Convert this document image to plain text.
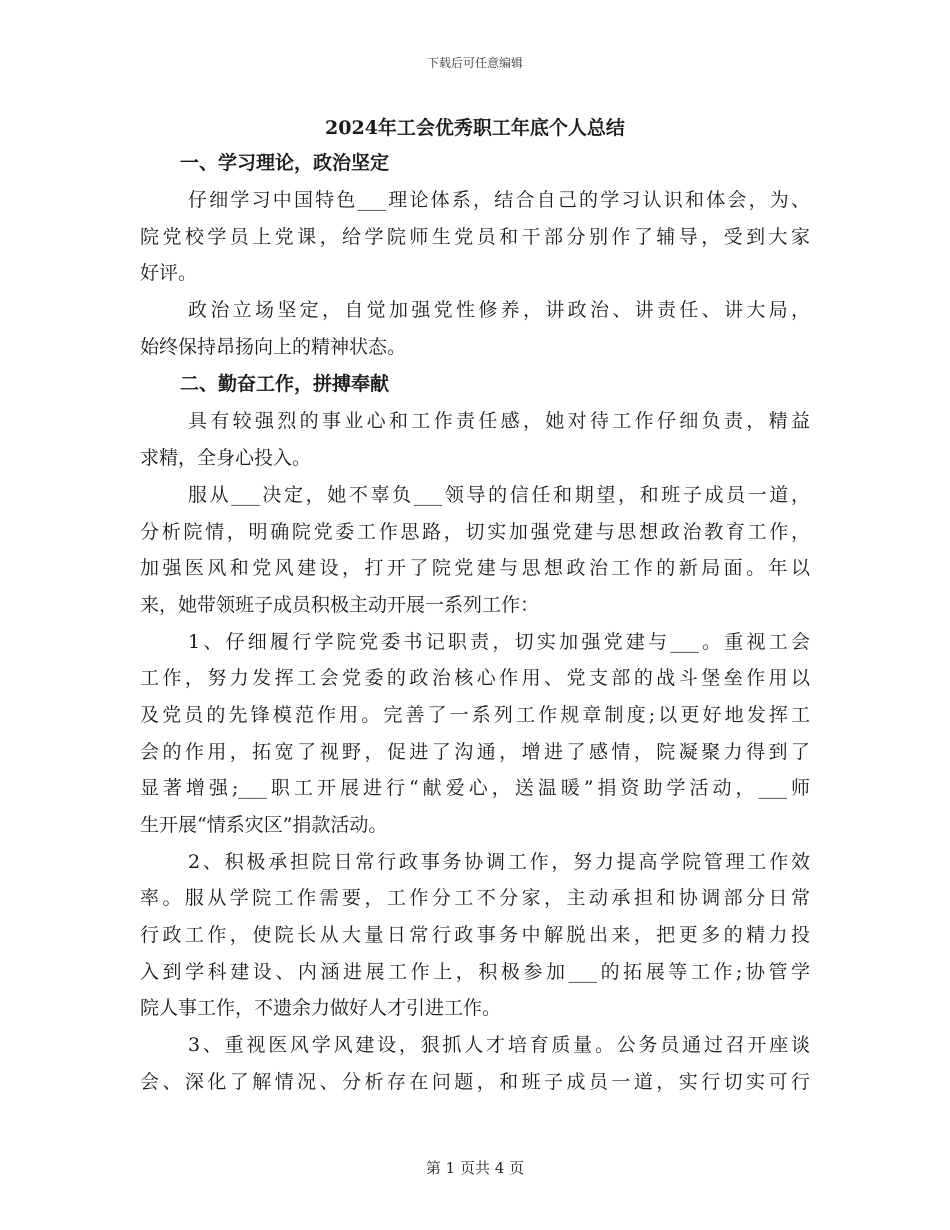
下载后可任意编辑
2024年工会优秀职工年底个人总结
一、学习理论，政治坚定
仔细学习中国特色___理论体系，结合自己的学习认识和体会，为、
院党校学员上党课，给学院师生党员和干部分别作了辅导，受到大家
好评。
政治立场坚定，自觉加强党性修养，讲政治、讲责任、讲大局，
始终保持昂扬向上的精神状态。
二、勤奋工作，拼搏奉献
具有较强烈的事业心和工作责任感，她对待工作仔细负责，精益
求精，全身心投入。
服从___决定，她不辜负___领导的信任和期望，和班子成员一道，
分析院情，明确院党委工作思路，切实加强党建与思想政治教育工作，
加强医风和党风建设，打开了院党建与思想政治工作的新局面。年以
来，她带领班子成员积极主动开展一系列工作：
1、仔细履行学院党委书记职责，切实加强党建与___。重视工会
工作，努力发挥工会党委的政治核心作用、党支部的战斗堡垒作用以
及党员的先锋模范作用。完善了一系列工作规章制度;以更好地发挥工
会的作用，拓宽了视野，促进了沟通，增进了感情，院凝聚力得到了
显著增强;___职工开展进行“献爱心，送温暖”捐资助学活动，___师
生开展“情系灾区”捐款活动。
2、积极承担院日常行政事务协调工作，努力提高学院管理工作效
率。服从学院工作需要，工作分工不分家，主动承担和协调部分日常
行政工作，使院长从大量日常行政事务中解脱出来，把更多的精力投
入到学科建设、内涵进展工作上，积极参加___的拓展等工作;协管学
院人事工作，不遗余力做好人才引进工作。
3、重视医风学风建设，狠抓人才培育质量。公务员通过召开座谈
会、深化了解情况、分析存在问题，和班子成员一道，实行切实可行
第 1 页共 4 页
